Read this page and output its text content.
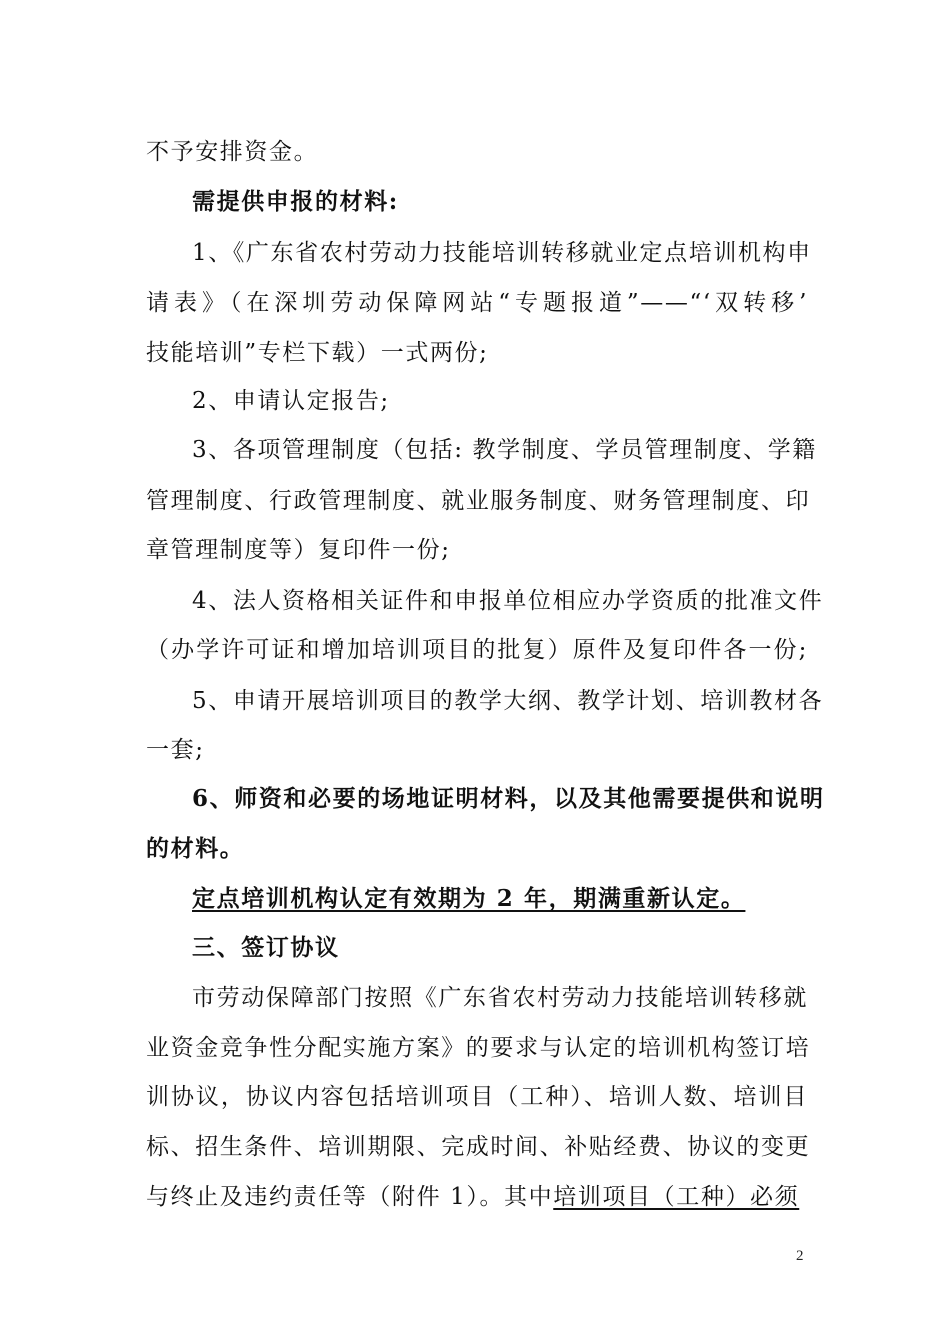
不予安排资金。
需提供申报的材料:
1、《广东省农村劳动力技能培训转移就业定点培训机构申
请表》（在深圳劳动保障网站“专题报道”——“‘双转移’
技能培训”专栏下载）一式两份;
2、申请认定报告;
3、各项管理制度（包括: 教学制度、学员管理制度、学籍
管理制度、行政管理制度、就业服务制度、财务管理制度、印
章管理制度等）复印件一份;
4、法人资格相关证件和申报单位相应办学资质的批准文件
（办学许可证和增加培训项目的批复）原件及复印件各一份;
5、申请开展培训项目的教学大纲、教学计划、培训教材各
一套;
6、师资和必要的场地证明材料，以及其他需要提供和说明
的材料。
定点培训机构认定有效期为 2 年，期满重新认定。
三、签订协议
市劳动保障部门按照《广东省农村劳动力技能培训转移就
业资金竞争性分配实施方案》的要求与认定的培训机构签订培
训协议，协议内容包括培训项目（工种）、培训人数、培训目
标、招生条件、培训期限、完成时间、补贴经费、协议的变更
与终止及违约责任等（附件 1）。其中培训项目（工种）必须
2
